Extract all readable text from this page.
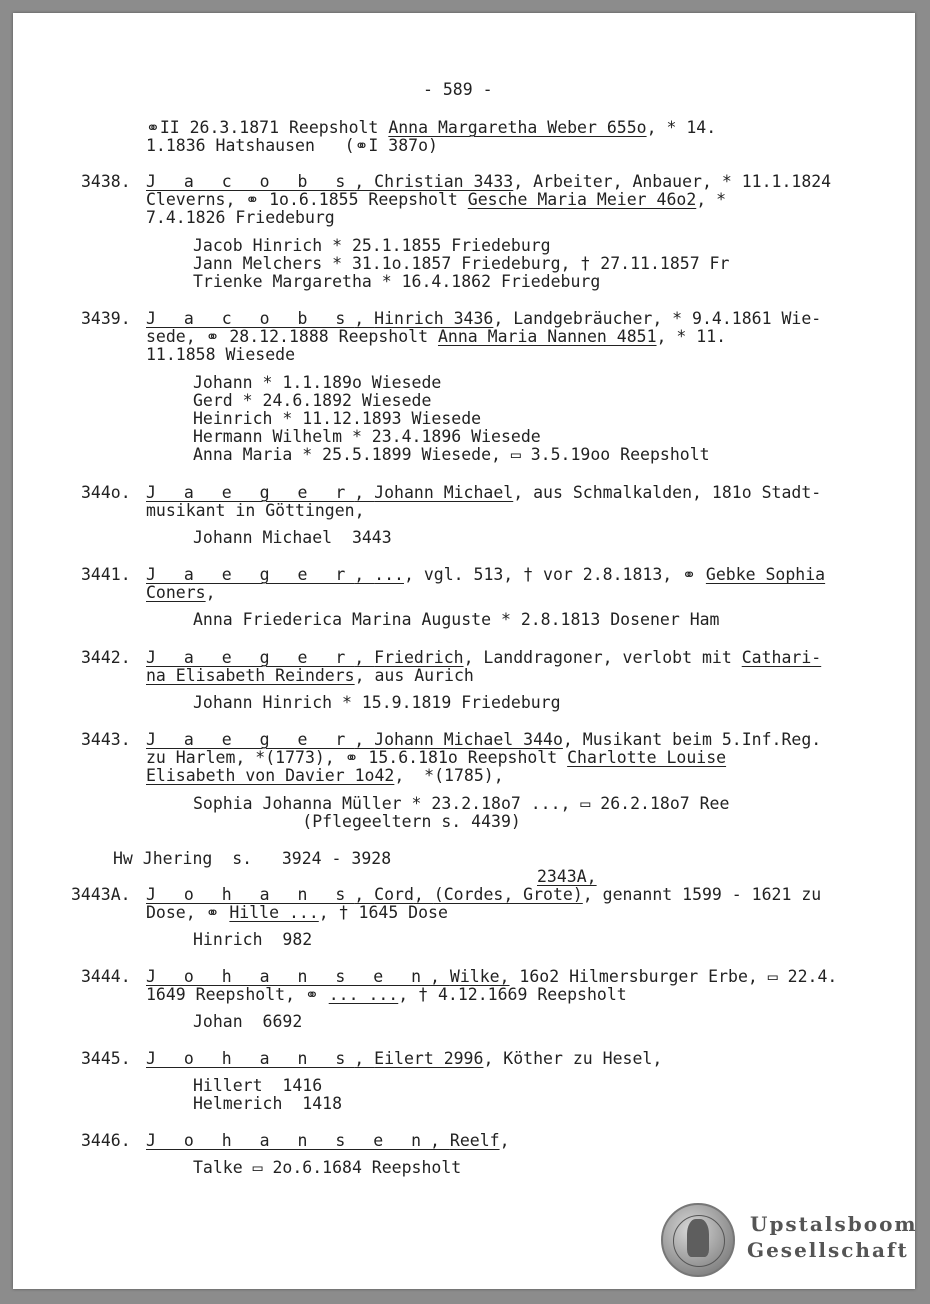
- 589 -
⚭II 26.3.1871 Reepsholt Anna Margaretha Weber 655o, * 14.
1.1836 Hatshausen   (⚭I 387o)
3438. J a c o b s, Christian 3433, Arbeiter, Anbauer, * 11.1.1824
Cleverns, ⚭ 1o.6.1855 Reepsholt Gesche Maria Meier 46o2, *
7.4.1826 Friedeburg
Jacob Hinrich * 25.1.1855 Friedeburg
Jann Melchers * 31.1o.1857 Friedeburg, † 27.11.1857 Fr
Trienke Margaretha * 16.4.1862 Friedeburg
3439. J a c o b s, Hinrich 3436, Landgebräucher, * 9.4.1861 Wie-
sede, ⚭ 28.12.1888 Reepsholt Anna Maria Nannen 4851, * 11.
11.1858 Wiesede
Johann * 1.1.189o Wiesede
Gerd * 24.6.1892 Wiesede
Heinrich * 11.12.1893 Wiesede
Hermann Wilhelm * 23.4.1896 Wiesede
Anna Maria * 25.5.1899 Wiesede, ▭ 3.5.19oo Reepsholt
344o. J a e g e r, Johann Michael, aus Schmalkalden, 181o Stadt-
musikant in Göttingen,
Johann Michael  3443
3441. J a e g e r, ..., vgl. 513, † vor 2.8.1813, ⚭ Gebke Sophia
Coners,
Anna Friederica Marina Auguste * 2.8.1813 Dosener Ham
3442. J a e g e r, Friedrich, Landdragoner, verlobt mit Cathari-
na Elisabeth Reinders, aus Aurich
Johann Hinrich * 15.9.1819 Friedeburg
3443. J a e g e r, Johann Michael 344o, Musikant beim 5.Inf.Reg.
zu Harlem, *(1773), ⚭ 15.6.181o Reepsholt Charlotte Louise
Elisabeth von Davier 1o42,  *(1785),
Sophia Johanna Müller * 23.2.18o7 ..., ▭ 26.2.18o7 Ree
(Pflegeeltern s. 4439)
Hw Jhering  s.   3924 - 3928
2343A,
3443A. J o h a n s, Cord, (Cordes, Grote), genannt 1599 - 1621 zu
Dose, ⚭ Hille ..., † 1645 Dose
Hinrich  982
3444. J o h a n s e n, Wilke, 16o2 Hilmersburger Erbe, ▭ 22.4.
1649 Reepsholt, ⚭ ... ..., † 4.12.1669 Reepsholt
Johan  6692
3445. J o h a n s, Eilert 2996, Köther zu Hesel,
Hillert  1416
Helmerich  1418
3446. J o h a n s e n, Reelf,
Talke ▭ 2o.6.1684 Reepsholt
Upstalsboom
Gesellschaft
